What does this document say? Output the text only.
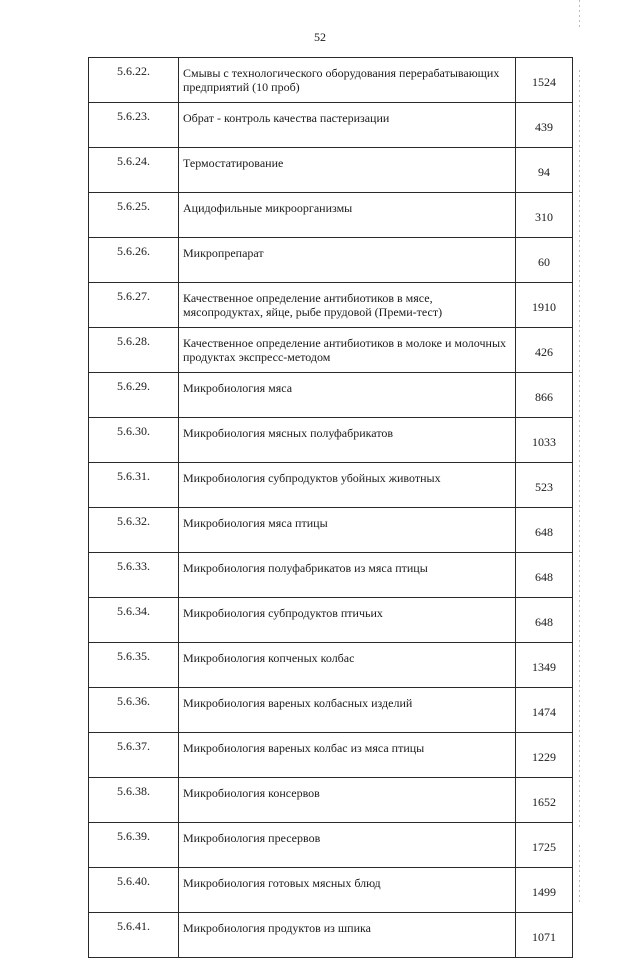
52
5.6.22.	Смывы с технологического оборудования перерабатывающих предприятий (10 проб)	1524
5.6.23.	Обрат - контроль качества пастеризации	439
5.6.24.	Термостатирование	94
5.6.25.	Ацидофильные микроорганизмы	310
5.6.26.	Микропрепарат	60
5.6.27.	Качественное определение антибиотиков в мясе, мясопродуктах, яйце, рыбе прудовой (Преми-тест)	1910
5.6.28.	Качественное определение антибиотиков в молоке и молочных продуктах экспресс-методом	426
5.6.29.	Микробиология мяса	866
5.6.30.	Микробиология мясных полуфабрикатов	1033
5.6.31.	Микробиология субпродуктов убойных животных	523
5.6.32.	Микробиология мяса птицы	648
5.6.33.	Микробиология полуфабрикатов из мяса птицы	648
5.6.34.	Микробиология субпродуктов птичьих	648
5.6.35.	Микробиология копченых колбас	1349
5.6.36.	Микробиология вареных колбасных изделий	1474
5.6.37.	Микробиология вареных колбас из мяса птицы	1229
5.6.38.	Микробиология консервов	1652
5.6.39.	Микробиология пресервов	1725
5.6.40.	Микробиология готовых мясных блюд	1499
5.6.41.	Микробиология продуктов из шпика	1071
